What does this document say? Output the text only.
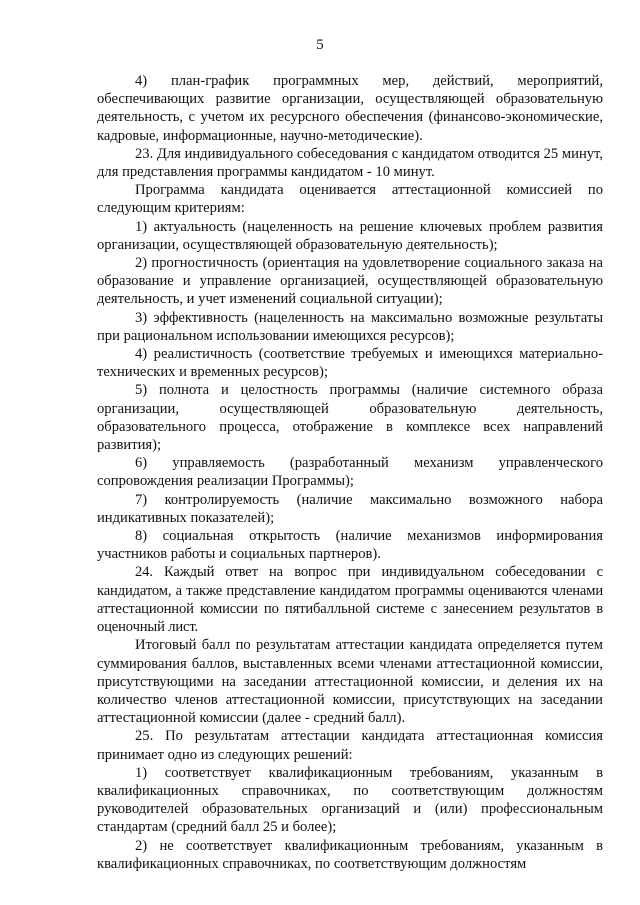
5

4) план-график программных мер, действий, мероприятий, обеспечивающих развитие организации, осуществляющей образовательную деятельность, с учетом их ресурсного обеспечения (финансово-экономические, кадровые, информационные, научно-методические).

23. Для индивидуального собеседования с кандидатом отводится 25 минут, для представления программы кандидатом - 10 минут.

Программа кандидата оценивается аттестационной комиссией по следующим критериям:

1) актуальность (нацеленность на решение ключевых проблем развития организации, осуществляющей образовательную деятельность);

2) прогностичность (ориентация на удовлетворение социального заказа на образование и управление организацией, осуществляющей образовательную деятельность, и учет изменений социальной ситуации);

3) эффективность (нацеленность на максимально возможные результаты при рациональном использовании имеющихся ресурсов);

4) реалистичность (соответствие требуемых и имеющихся материально-технических и временных ресурсов);

5) полнота и целостность программы (наличие системного образа организации, осуществляющей образовательную деятельность, образовательного процесса, отображение в комплексе всех направлений развития);

6) управляемость (разработанный механизм управленческого сопровождения реализации Программы);

7) контролируемость (наличие максимально возможного набора индикативных показателей);

8) социальная открытость (наличие механизмов информирования участников работы и социальных партнеров).

24. Каждый ответ на вопрос при индивидуальном собеседовании с кандидатом, а также представление кандидатом программы оцениваются членами аттестационной комиссии по пятибалльной системе с занесением результатов в оценочный лист.

Итоговый балл по результатам аттестации кандидата определяется путем суммирования баллов, выставленных всеми членами аттестационной комиссии, присутствующими на заседании аттестационной комиссии, и деления их на количество членов аттестационной комиссии, присутствующих на заседании аттестационной комиссии (далее - средний балл).

25. По результатам аттестации кандидата аттестационная комиссия принимает одно из следующих решений:

1) соответствует квалификационным требованиям, указанным в квалификационных справочниках, по соответствующим должностям руководителей образовательных организаций и (или) профессиональным стандартам (средний балл 25 и более);

2) не соответствует квалификационным требованиям, указанным в квалификационных справочниках, по соответствующим должностям
